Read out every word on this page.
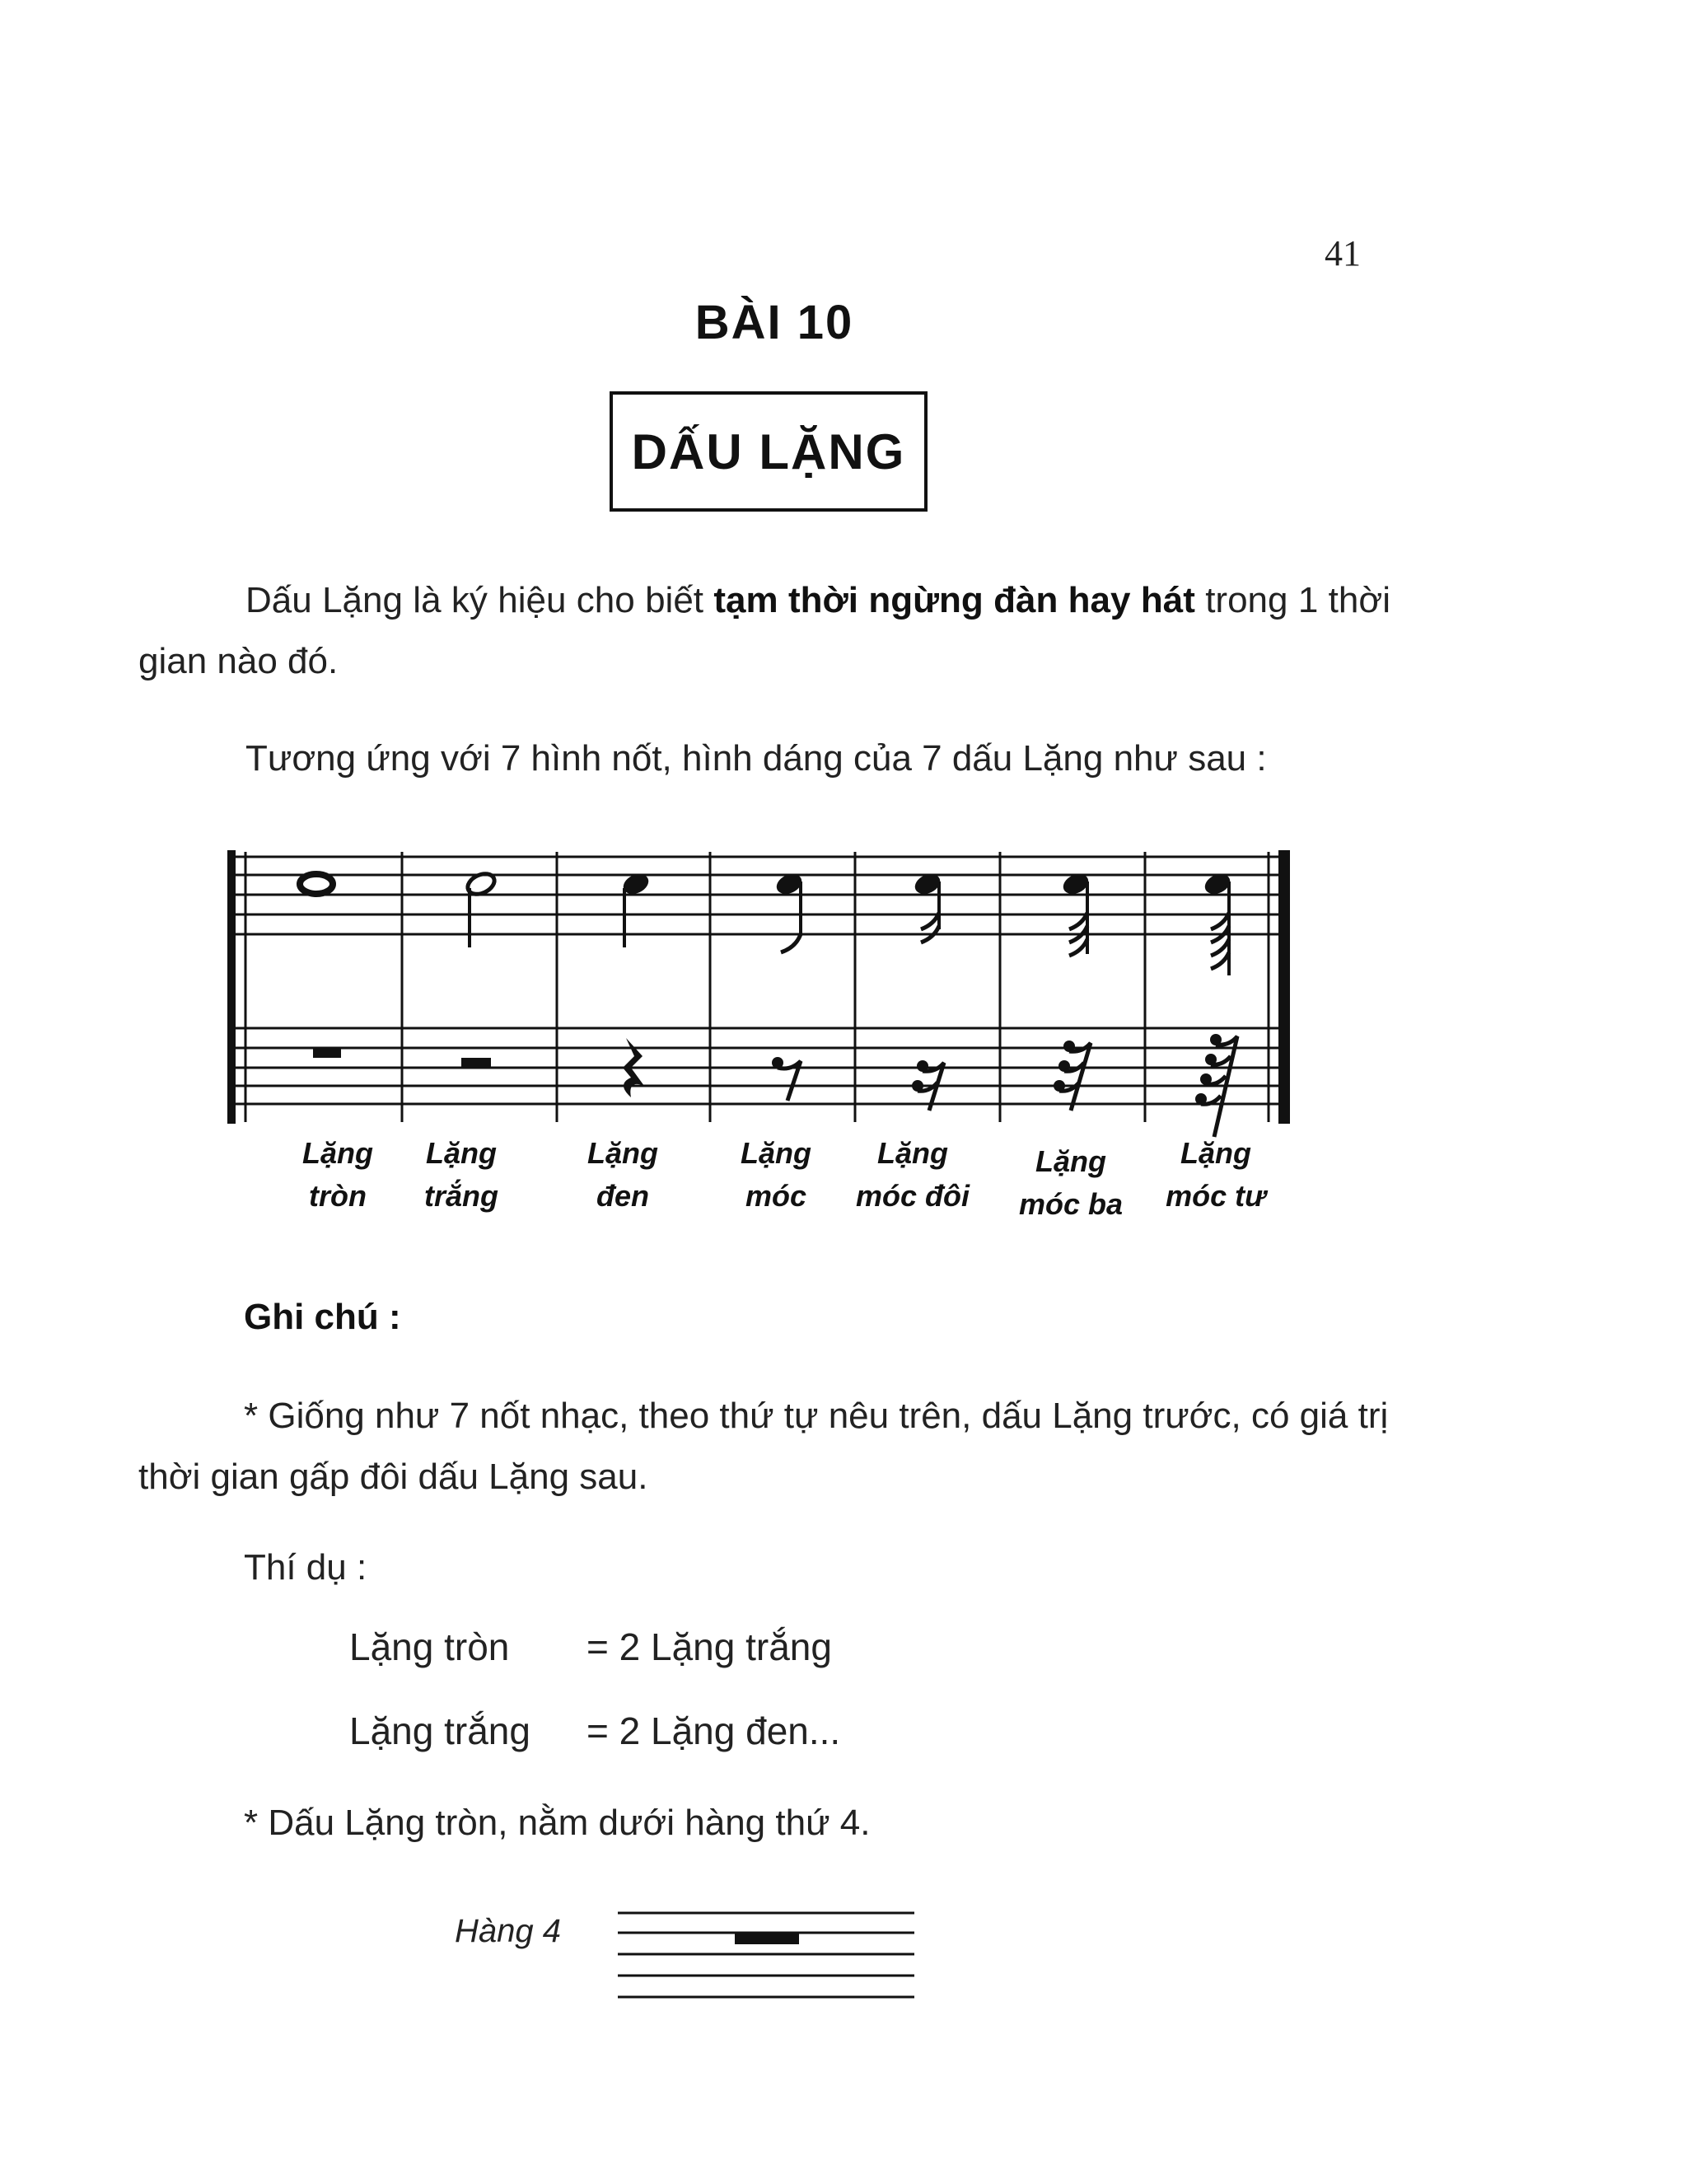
41
BÀI 10
DẤU LẶNG
Dấu Lặng là ký hiệu cho biết tạm thời ngừng đàn hay hát trong 1 thời gian nào đó.
Tương ứng với 7 hình nốt, hình dáng của 7 dấu Lặng như sau :
Lặng
tròn
Lặng
trắng
Lặng
đen
Lặng
móc
Lặng
móc đôi
Lặng
móc ba
Lặng
móc tư
Ghi chú :
* Giống như 7 nốt nhạc, theo thứ tự nêu trên, dấu Lặng trước, có giá trị thời gian gấp đôi dấu Lặng sau.
Thí dụ :
Lặng tròn = 2 Lặng trắng
Lặng trắng = 2 Lặng đen...
* Dấu Lặng tròn, nằm dưới hàng thứ 4.
Hàng 4
